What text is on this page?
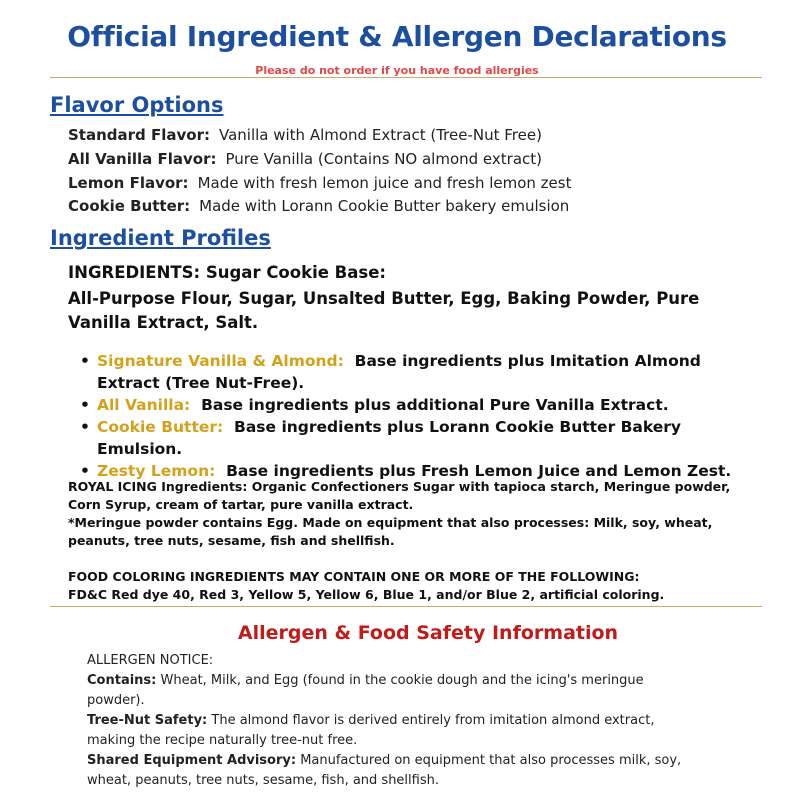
Official Ingredient & Allergen Declarations
Please do not order if you have food allergies
Flavor Options
Standard Flavor: Vanilla with Almond Extract (Tree-Nut Free)
All Vanilla Flavor: Pure Vanilla (Contains NO almond extract)
Lemon Flavor: Made with fresh lemon juice and fresh lemon zest
Cookie Butter: Made with Lorann Cookie Butter bakery emulsion
Ingredient Profiles
INGREDIENTS: Sugar Cookie Base:
All-Purpose Flour, Sugar, Unsalted Butter, Egg, Baking Powder, Pure Vanilla Extract, Salt.
• Signature Vanilla & Almond: Base ingredients plus Imitation Almond Extract (Tree Nut-Free).
• All Vanilla: Base ingredients plus additional Pure Vanilla Extract.
• Cookie Butter: Base ingredients plus Lorann Cookie Butter Bakery Emulsion.
• Zesty Lemon: Base ingredients plus Fresh Lemon Juice and Lemon Zest.
ROYAL ICING Ingredients: Organic Confectioners Sugar with tapioca starch, Meringue powder, Corn Syrup, cream of tartar, pure vanilla extract.
*Meringue powder contains Egg. Made on equipment that also processes: Milk, soy, wheat, peanuts, tree nuts, sesame, fish and shellfish.
FOOD COLORING INGREDIENTS MAY CONTAIN ONE OR MORE OF THE FOLLOWING:
FD&C Red dye 40, Red 3, Yellow 5, Yellow 6, Blue 1, and/or Blue 2, artificial coloring.
Allergen & Food Safety Information
ALLERGEN NOTICE:
Contains: Wheat, Milk, and Egg (found in the cookie dough and the icing's meringue powder).
Tree-Nut Safety: The almond flavor is derived entirely from imitation almond extract, making the recipe naturally tree-nut free.
Shared Equipment Advisory: Manufactured on equipment that also processes milk, soy, wheat, peanuts, tree nuts, sesame, fish, and shellfish.
